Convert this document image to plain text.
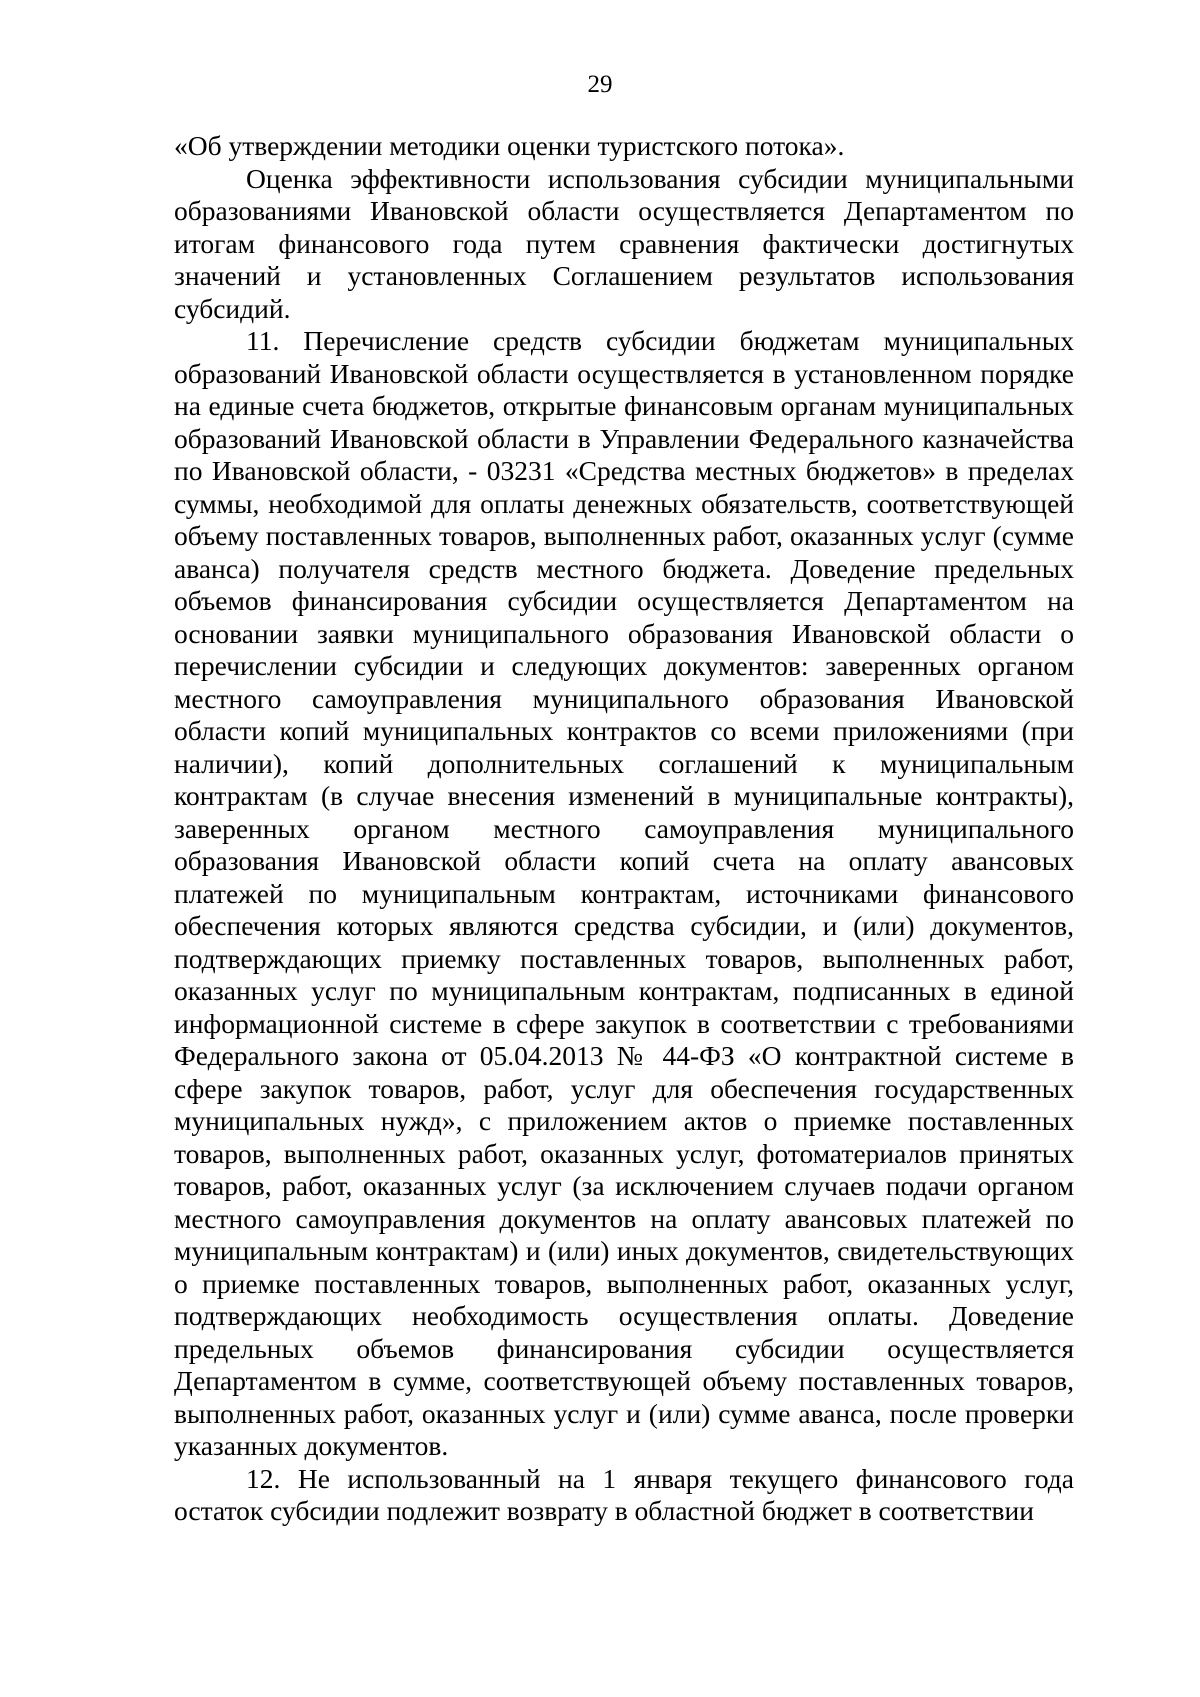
29

«Об утверждении методики оценки туристского потока».

Оценка эффективности использования субсидии муниципальными образованиями Ивановской области осуществляется Департаментом по итогам финансового года путем сравнения фактически достигнутых значений и установленных Соглашением результатов использования субсидий.

11. Перечисление средств субсидии бюджетам муниципальных образований Ивановской области осуществляется в установленном порядке на единые счета бюджетов, открытые финансовым органам муниципальных образований Ивановской области в Управлении Федерального казначейства по Ивановской области, - 03231 «Средства местных бюджетов» в пределах суммы, необходимой для оплаты денежных обязательств, соответствующей объему поставленных товаров, выполненных работ, оказанных услуг (сумме аванса) получателя средств местного бюджета. Доведение предельных объемов финансирования субсидии осуществляется Департаментом на основании заявки муниципального образования Ивановской области о перечислении субсидии и следующих документов: заверенных органом местного самоуправления муниципального образования Ивановской области копий муниципальных контрактов со всеми приложениями (при наличии), копий дополнительных соглашений к муниципальным контрактам (в случае внесения изменений в муниципальные контракты), заверенных органом местного самоуправления муниципального образования Ивановской области копий счета на оплату авансовых платежей по муниципальным контрактам, источниками финансового обеспечения которых являются средства субсидии, и (или) документов, подтверждающих приемку поставленных товаров, выполненных работ, оказанных услуг по муниципальным контрактам, подписанных в единой информационной системе в сфере закупок в соответствии с требованиями Федерального закона от 05.04.2013 № 44-ФЗ «О контрактной системе в сфере закупок товаров, работ, услуг для обеспечения государственных муниципальных нужд», с приложением актов о приемке поставленных товаров, выполненных работ, оказанных услуг, фотоматериалов принятых товаров, работ, оказанных услуг (за исключением случаев подачи органом местного самоуправления документов на оплату авансовых платежей по муниципальным контрактам) и (или) иных документов, свидетельствующих о приемке поставленных товаров, выполненных работ, оказанных услуг, подтверждающих необходимость осуществления оплаты. Доведение предельных объемов финансирования субсидии осуществляется Департаментом в сумме, соответствующей объему поставленных товаров, выполненных работ, оказанных услуг и (или) сумме аванса, после проверки указанных документов.

12. Не использованный на 1 января текущего финансового года остаток субсидии подлежит возврату в областной бюджет в соответствии
